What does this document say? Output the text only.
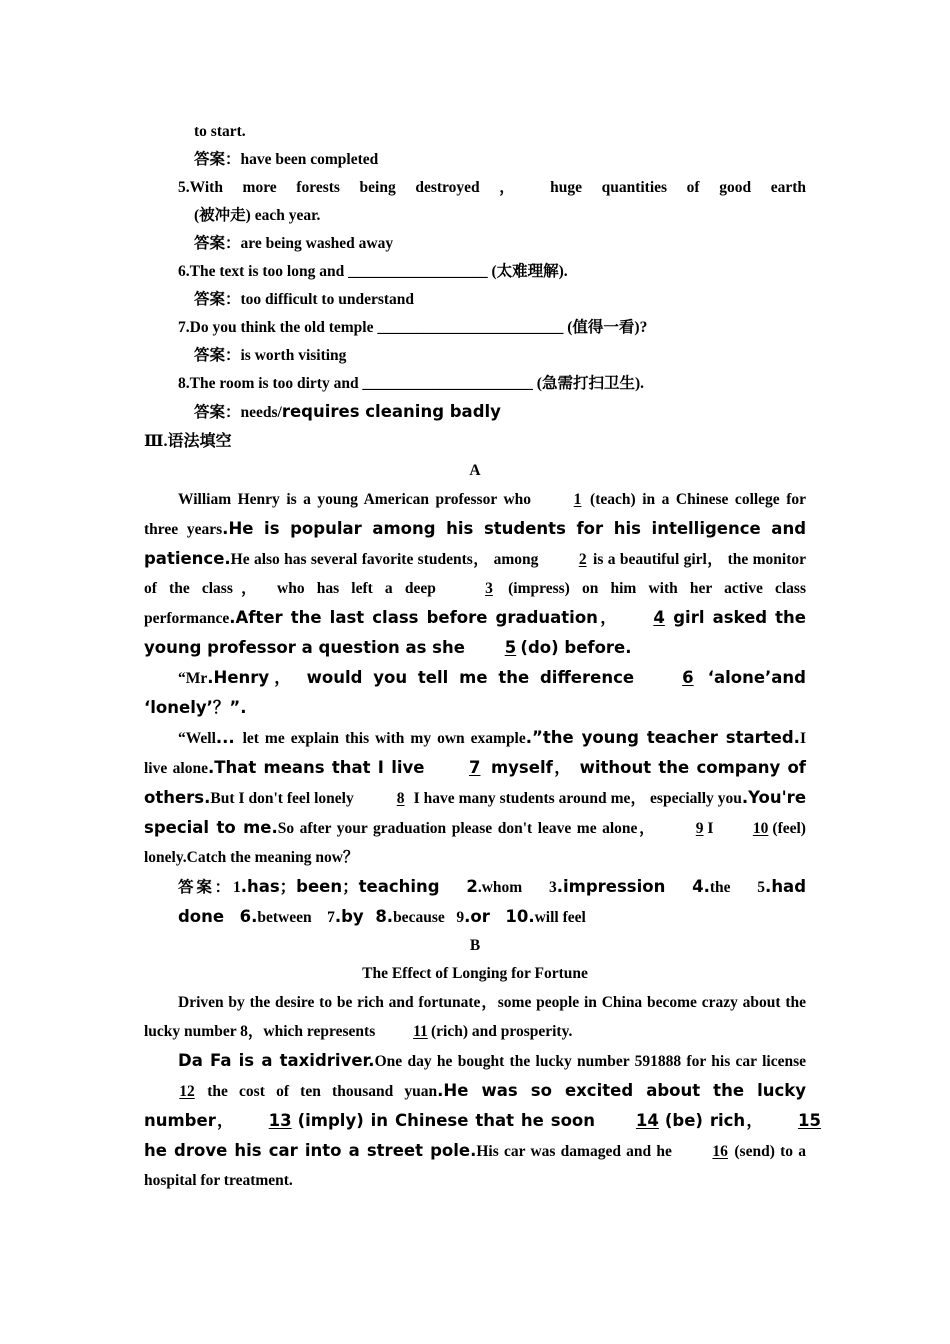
to start.

答案：have been completed

5.With more forests being destroyed ， huge quantities of good earth

(被冲走) each year.

答案：are being washed away

6.The text is too long and __________________ (太难理解).

答案：too difficult to understand

7.Do you think the old temple ________________________ (值得一看)?

答案：is worth visiting

8.The room is too dirty and ______________________ (急需打扫卫生).

答案：needs/requires cleaning badly

Ⅲ.语法填空

A

William Henry is a young American professor who 1 (teach) in a Chinese college for three years.He is popular among his students for his intelligence and patience.He also has several favorite students， among 2 is a beautiful girl， the monitor of the class， who has left a deep 3 (impress) on him with her active class performance.After the last class before graduation， 4 girl asked the young professor a question as she 5 (do) before.

“Mr.Henry， would you tell me the difference 6 ‘alone’and ‘lonely’？”.

“Well... let me explain this with my own example.”the young teacher started.I live alone.That means that I live 7 myself， without the company of others.But I don't feel lonely	8 I have many students around me， especially you.You're special to me.So after your graduation please don't leave me alone， 9 I 10 (feel) lonely.Catch the meaning now？

答案：1.has；been；teaching 2.whom 3.impression 4.the 5.had done 6.between 7.by 8.because 9.or 10.will feel

B

The Effect of Longing for Fortune

Driven by the desire to be rich and fortunate，some people in China become crazy about the lucky number 8，which represents 11 (rich) and prosperity.

Da Fa is a taxidriver.One day he bought the lucky number 591888 for his car license 12 the cost of ten thousand yuan.He was so excited about the lucky number， 13 (imply) in Chinese that he soon 14 (be) rich， 15 he drove his car into a street pole.His car was damaged and he 16 (send) to a hospital for treatment.
